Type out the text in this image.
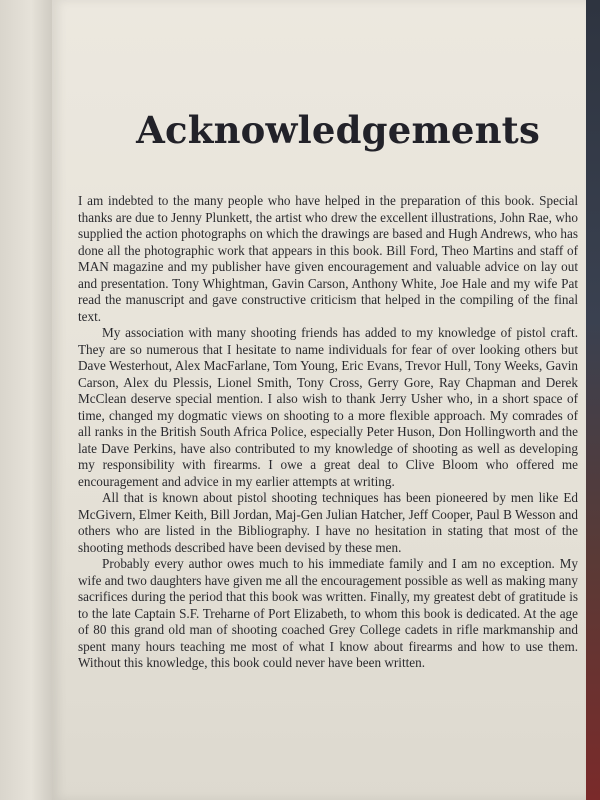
Acknowledgements

I am indebted to the many people who have helped in the preparation of this book. Special thanks are due to Jenny Plunkett, the artist who drew the excellent illustrations, John Rae, who supplied the action photographs on which the drawings are based and Hugh Andrews, who has done all the photographic work that appears in this book. Bill Ford, Theo Martins and staff of MAN magazine and my publisher have given encouragement and valuable advice on lay out and presentation. Tony Whightman, Gavin Carson, Anthony White, Joe Hale and my wife Pat read the manuscript and gave constructive criticism that helped in the compiling of the final text.

My association with many shooting friends has added to my knowledge of pistol craft. They are so numerous that I hesitate to name individuals for fear of over looking others but Dave Westerhout, Alex MacFarlane, Tom Young, Eric Evans, Trevor Hull, Tony Weeks, Gavin Carson, Alex du Plessis, Lionel Smith, Tony Cross, Gerry Gore, Ray Chapman and Derek McClean deserve special mention. I also wish to thank Jerry Usher who, in a short space of time, changed my dogmatic views on shooting to a more flexible approach. My comrades of all ranks in the British South Africa Police, especially Peter Huson, Don Hollingworth and the late Dave Perkins, have also contributed to my knowledge of shooting as well as developing my responsibility with firearms. I owe a great deal to Clive Bloom who offered me encouragement and advice in my earlier attempts at writing.

All that is known about pistol shooting techniques has been pioneered by men like Ed McGivern, Elmer Keith, Bill Jordan, Maj-Gen Julian Hatcher, Jeff Cooper, Paul B Wesson and others who are listed in the Bibliography. I have no hesitation in stating that most of the shooting methods described have been devised by these men.

Probably every author owes much to his immediate family and I am no exception. My wife and two daughters have given me all the encouragement possible as well as making many sacrifices during the period that this book was written. Finally, my greatest debt of gratitude is to the late Captain S.F. Treharne of Port Elizabeth, to whom this book is dedicated. At the age of 80 this grand old man of shooting coached Grey College cadets in rifle markmanship and spent many hours teaching me most of what I know about firearms and how to use them. Without this knowledge, this book could never have been written.
